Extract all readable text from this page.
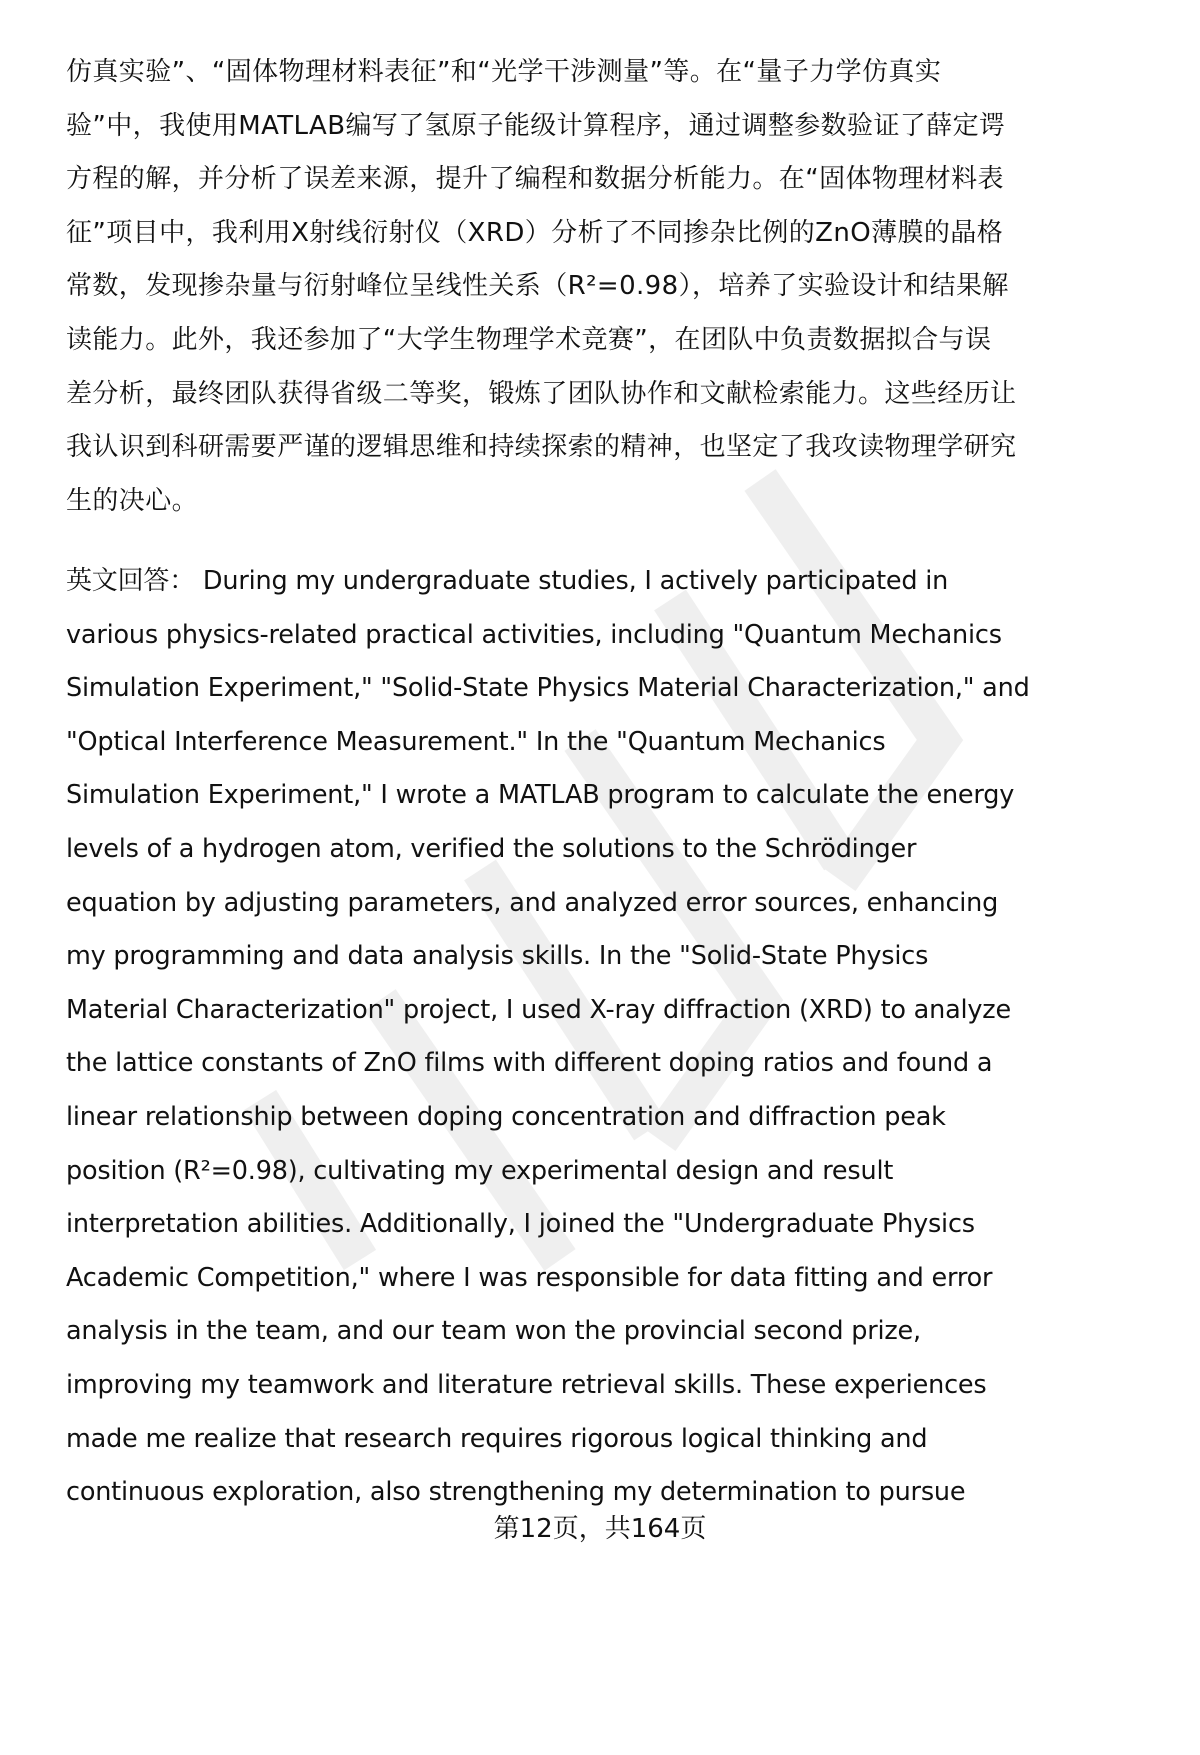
仿真实验”、“固体物理材料表征”和“光学干涉测量”等。在“量子力学仿真实
验”中，我使用MATLAB编写了氢原子能级计算程序，通过调整参数验证了薛定谔
方程的解，并分析了误差来源，提升了编程和数据分析能力。在“固体物理材料表
征”项目中，我利用X射线衍射仪（XRD）分析了不同掺杂比例的ZnO薄膜的晶格
常数，发现掺杂量与衍射峰位呈线性关系（R²=0.98），培养了实验设计和结果解
读能力。此外，我还参加了“大学生物理学术竞赛”，在团队中负责数据拟合与误
差分析，最终团队获得省级二等奖，锻炼了团队协作和文献检索能力。这些经历让
我认识到科研需要严谨的逻辑思维和持续探索的精神，也坚定了我攻读物理学研究
生的决心。
英文回答： During my undergraduate studies, I actively participated in
various physics-related practical activities, including "Quantum Mechanics
Simulation Experiment," "Solid-State Physics Material Characterization," and
"Optical Interference Measurement." In the "Quantum Mechanics
Simulation Experiment," I wrote a MATLAB program to calculate the energy
levels of a hydrogen atom, verified the solutions to the Schrödinger
equation by adjusting parameters, and analyzed error sources, enhancing
my programming and data analysis skills. In the "Solid-State Physics
Material Characterization" project, I used X-ray diffraction (XRD) to analyze
the lattice constants of ZnO films with different doping ratios and found a
linear relationship between doping concentration and diffraction peak
position (R²=0.98), cultivating my experimental design and result
interpretation abilities. Additionally, I joined the "Undergraduate Physics
Academic Competition," where I was responsible for data fitting and error
analysis in the team, and our team won the provincial second prize,
improving my teamwork and literature retrieval skills. These experiences
made me realize that research requires rigorous logical thinking and
continuous exploration, also strengthening my determination to pursue
第12页，共164页
